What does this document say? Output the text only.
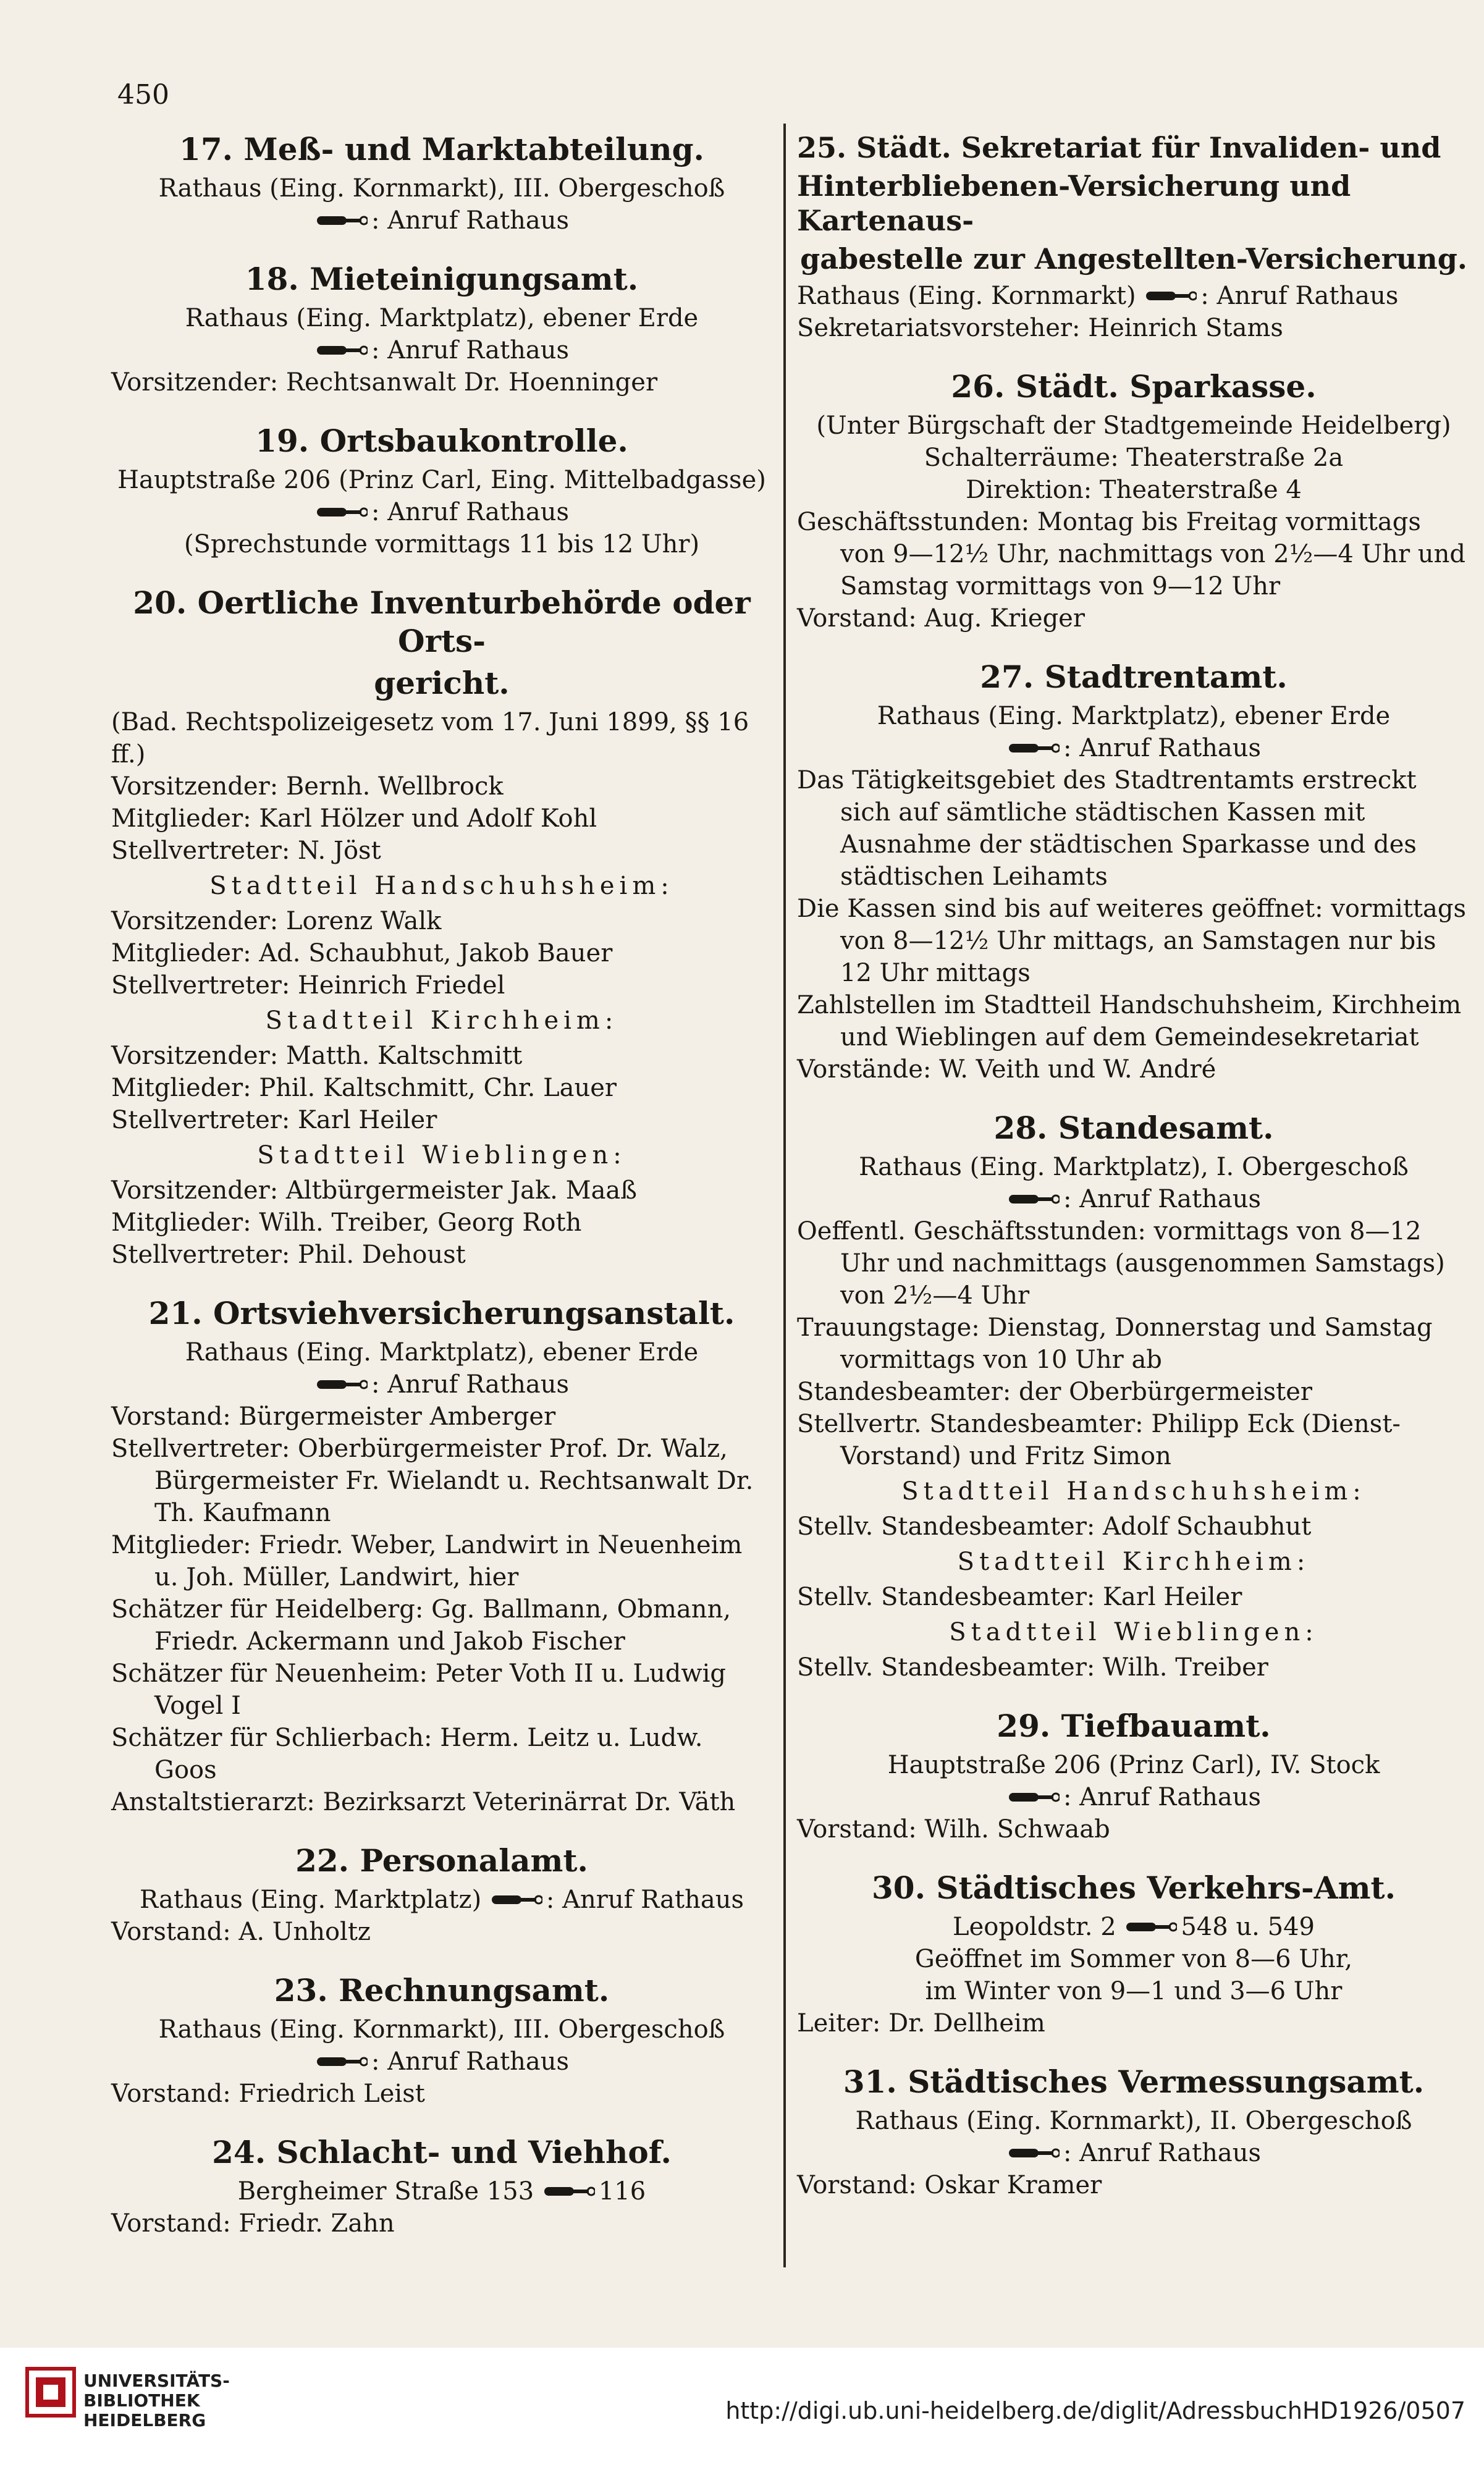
450
17. Meß- und Marktabteilung.
Rathaus (Eing. Kornmarkt), III. Obergeschoß
: Anruf Rathaus
18. Mieteinigungsamt.
Rathaus (Eing. Marktplatz), ebener Erde
: Anruf Rathaus
Vorsitzender: Rechtsanwalt Dr. Hoenninger
19. Ortsbaukontrolle.
Hauptstraße 206 (Prinz Carl, Eing. Mittelbadgasse)
: Anruf Rathaus
(Sprechstunde vormittags 11 bis 12 Uhr)
20. Oertliche Inventurbehörde oder Orts-
gericht.
(Bad. Rechtspolizeigesetz vom 17. Juni 1899, §§ 16 ff.)
Vorsitzender: Bernh. Wellbrock
Mitglieder: Karl Hölzer und Adolf Kohl
Stellvertreter: N. Jöst
Stadtteil Handschuhsheim:
Vorsitzender: Lorenz Walk
Mitglieder: Ad. Schaubhut, Jakob Bauer
Stellvertreter: Heinrich Friedel
Stadtteil Kirchheim:
Vorsitzender: Matth. Kaltschmitt
Mitglieder: Phil. Kaltschmitt, Chr. Lauer
Stellvertreter: Karl Heiler
Stadtteil Wieblingen:
Vorsitzender: Altbürgermeister Jak. Maaß
Mitglieder: Wilh. Treiber, Georg Roth
Stellvertreter: Phil. Dehoust
21. Ortsviehversicherungsanstalt.
Rathaus (Eing. Marktplatz), ebener Erde
: Anruf Rathaus
Vorstand: Bürgermeister Amberger
Stellvertreter: Oberbürgermeister Prof. Dr. Walz, Bürgermeister Fr. Wielandt u. Rechtsanwalt Dr. Th. Kaufmann
Mitglieder: Friedr. Weber, Landwirt in Neuenheim u. Joh. Müller, Landwirt, hier
Schätzer für Heidelberg: Gg. Ballmann, Obmann, Friedr. Ackermann und Jakob Fischer
Schätzer für Neuenheim: Peter Voth II u. Ludwig Vogel I
Schätzer für Schlierbach: Herm. Leitz u. Ludw. Goos
Anstaltstierarzt: Bezirksarzt Veterinärrat Dr. Väth
22. Personalamt.
Rathaus (Eing. Marktplatz)	: Anruf Rathaus
Vorstand: A. Unholtz
23. Rechnungsamt.
Rathaus (Eing. Kornmarkt), III. Obergeschoß
: Anruf Rathaus
Vorstand: Friedrich Leist
24. Schlacht- und Viehhof.
Bergheimer Straße 153	116
Vorstand: Friedr. Zahn
25. Städt. Sekretariat für Invaliden- und
Hinterbliebenen-Versicherung und Kartenaus-
gabestelle zur Angestellten-Versicherung.
Rathaus (Eing. Kornmarkt)	: Anruf Rathaus
Sekretariatsvorsteher: Heinrich Stams
26. Städt. Sparkasse.
(Unter Bürgschaft der Stadtgemeinde Heidelberg)
Schalterräume: Theaterstraße 2a
Direktion: Theaterstraße 4
Geschäftsstunden: Montag bis Freitag vormittags von 9—12½ Uhr, nachmittags von 2½—4 Uhr und Samstag vormittags von 9—12 Uhr
Vorstand: Aug. Krieger
27. Stadtrentamt.
Rathaus (Eing. Marktplatz), ebener Erde
: Anruf Rathaus
Das Tätigkeitsgebiet des Stadtrentamts erstreckt sich auf sämtliche städtischen Kassen mit Ausnahme der städtischen Sparkasse und des städtischen Leihamts
Die Kassen sind bis auf weiteres geöffnet: vormittags von 8—12½ Uhr mittags, an Samstagen nur bis 12 Uhr mittags
Zahlstellen im Stadtteil Handschuhsheim, Kirchheim und Wieblingen auf dem Gemeindesekretariat
Vorstände: W. Veith und W. André
28. Standesamt.
Rathaus (Eing. Marktplatz), I. Obergeschoß
: Anruf Rathaus
Oeffentl. Geschäftsstunden: vormittags von 8—12 Uhr und nachmittags (ausgenommen Samstags) von 2½—4 Uhr
Trauungstage: Dienstag, Donnerstag und Samstag vormittags von 10 Uhr ab
Standesbeamter: der Oberbürgermeister
Stellvertr. Standesbeamter: Philipp Eck (Dienst-Vorstand) und Fritz Simon
Stadtteil Handschuhsheim:
Stellv. Standesbeamter: Adolf Schaubhut
Stadtteil Kirchheim:
Stellv. Standesbeamter: Karl Heiler
Stadtteil Wieblingen:
Stellv. Standesbeamter: Wilh. Treiber
29. Tiefbauamt.
Hauptstraße 206 (Prinz Carl), IV. Stock
: Anruf Rathaus
Vorstand: Wilh. Schwaab
30. Städtisches Verkehrs-Amt.
Leopoldstr. 2	548 u. 549
Geöffnet im Sommer von 8—6 Uhr,
im Winter von 9—1 und 3—6 Uhr
Leiter: Dr. Dellheim
31. Städtisches Vermessungsamt.
Rathaus (Eing. Kornmarkt), II. Obergeschoß
: Anruf Rathaus
Vorstand: Oskar Kramer
UNIVERSITÄTS-
BIBLIOTHEK
HEIDELBERG	http://digi.ub.uni-heidelberg.de/diglit/AdressbuchHD1926/0507
